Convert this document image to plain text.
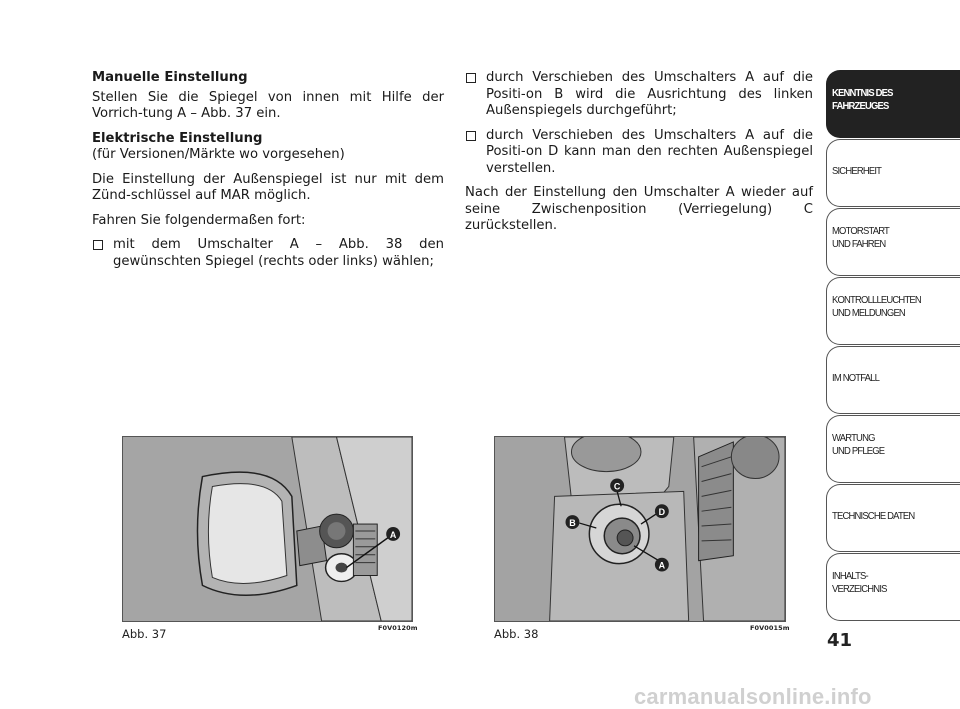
Manuelle Einstellung

Stellen Sie die Spiegel von innen mit Hilfe der Vorrich-tung A – Abb. 37 ein.

Elektrische Einstellung
(für Versionen/Märkte wo vorgesehen)

Die Einstellung der Außenspiegel ist nur mit dem Zünd-schlüssel auf MAR möglich.

Fahren Sie folgendermaßen fort:

mit dem Umschalter A – Abb. 38 den gewünschten Spiegel (rechts oder links) wählen;
durch Verschieben des Umschalters A auf die Positi-on B wird die Ausrichtung des linken Außenspiegels durchgeführt;
durch Verschieben des Umschalters A auf die Positi-on D kann man den rechten Außenspiegel verstellen.

Nach der Einstellung den Umschalter A wieder auf seine Zwischenposition (Verriegelung) C zurückstellen.

A
Abb. 37	F0V0120m
C
B
D
A
Abb. 38	F0V0015m
KENNTNIS DES
FAHRZEUGES
SICHERHEIT
MOTORSTART
UND FAHREN
KONTROLLLEUCHTEN
UND MELDUNGEN
IM NOTFALL
WARTUNG
UND PFLEGE
TECHNISCHE DATEN
INHALTS-
VERZEICHNIS
41
carmanualsonline.info
